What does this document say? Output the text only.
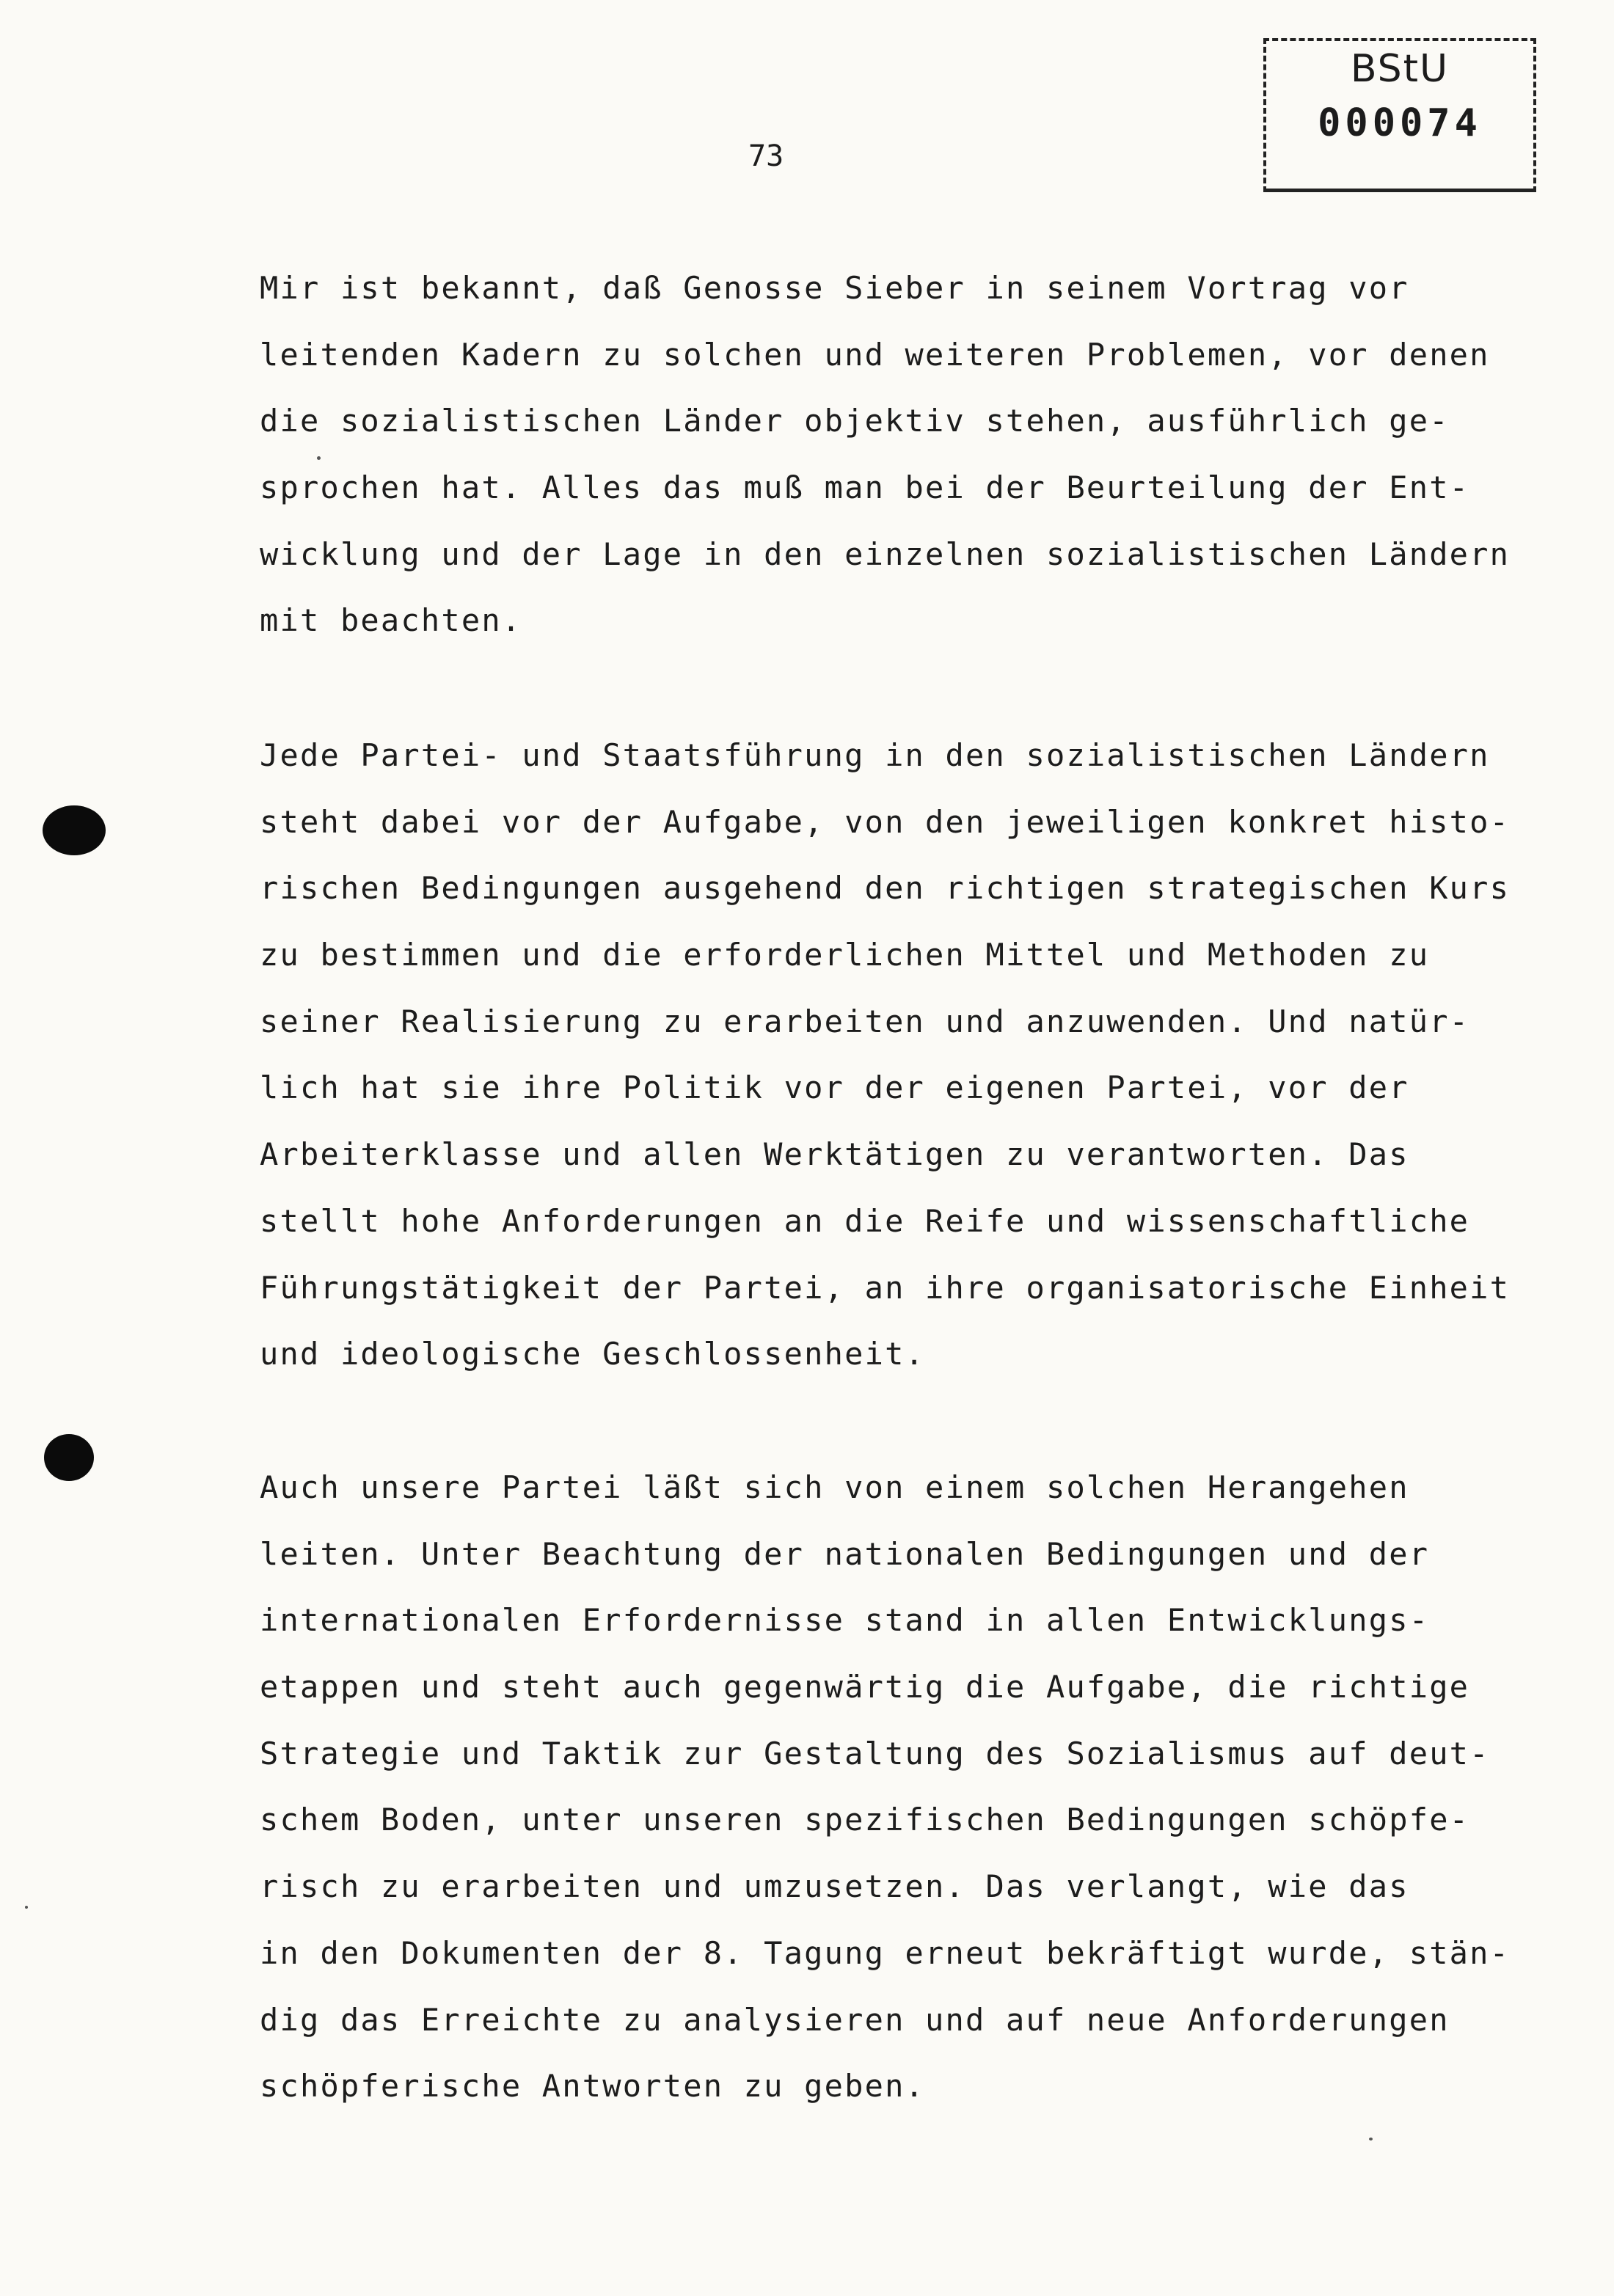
BStU
000074
73
Mir ist bekannt, daß Genosse Sieber in seinem Vortrag vor
leitenden Kadern zu solchen und weiteren Problemen, vor denen
die sozialistischen Länder objektiv stehen, ausführlich ge-
sprochen hat. Alles das muß man bei der Beurteilung der Ent-
wicklung und der Lage in den einzelnen sozialistischen Ländern
mit beachten.
Jede Partei- und Staatsführung in den sozialistischen Ländern
steht dabei vor der Aufgabe, von den jeweiligen konkret histo-
rischen Bedingungen ausgehend den richtigen strategischen Kurs
zu bestimmen und die erforderlichen Mittel und Methoden zu
seiner Realisierung zu erarbeiten und anzuwenden. Und natür-
lich hat sie ihre Politik vor der eigenen Partei, vor der
Arbeiterklasse und allen Werktätigen zu verantworten. Das
stellt hohe Anforderungen an die Reife und wissenschaftliche
Führungstätigkeit der Partei, an ihre organisatorische Einheit
und ideologische Geschlossenheit.
Auch unsere Partei läßt sich von einem solchen Herangehen
leiten. Unter Beachtung der nationalen Bedingungen und der
internationalen Erfordernisse stand in allen Entwicklungs-
etappen und steht auch gegenwärtig die Aufgabe, die richtige
Strategie und Taktik zur Gestaltung des Sozialismus auf deut-
schem Boden, unter unseren spezifischen Bedingungen schöpfe-
risch zu erarbeiten und umzusetzen. Das verlangt, wie das
in den Dokumenten der 8. Tagung erneut bekräftigt wurde, stän-
dig das Erreichte zu analysieren und auf neue Anforderungen
schöpferische Antworten zu geben.
